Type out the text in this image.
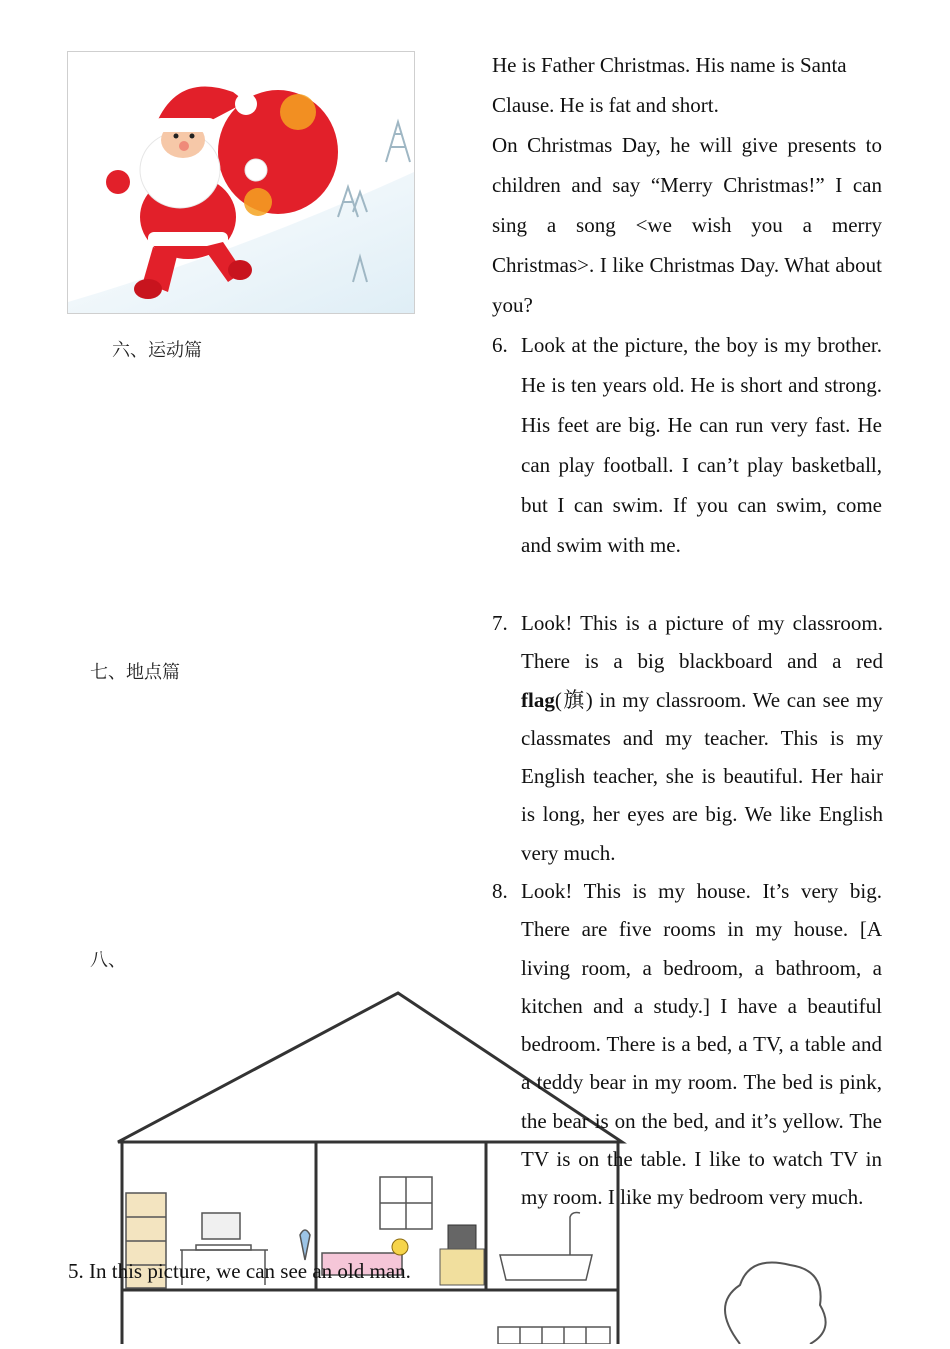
六、运动篇
七、地点篇
八、
He is Father Christmas. His name is Santa
Clause. He is fat and short.
On Christmas Day, he will give presents to children and say “Merry Christmas!” I can sing a song <we wish you a merry Christmas>. I like Christmas Day. What about you?
6. Look at the picture, the boy is my brother. He is ten years old. He is short and strong. His feet are big. He can run very fast. He can play football. I can’t play basketball, but I can swim. If you can swim, come and swim with me.
7. Look! This is a picture of my classroom. There is a big blackboard and a red flag(旗) in my classroom. We can see my classmates and my teacher. This is my English teacher, she is beautiful. Her hair is long, her eyes are big. We like English very much.
8. Look! This is my house. It’s very big. There are five rooms in my house. [A living room, a bedroom, a bathroom, a kitchen and a study.] I have a beautiful bedroom. There is a bed, a TV, a table and a teddy bear in my room. The bed is pink, the bear is on the bed, and it’s yellow. The TV is on the table. I like to watch TV in my room. I like my bedroom very much.
5. In this picture, we can see an old man.
